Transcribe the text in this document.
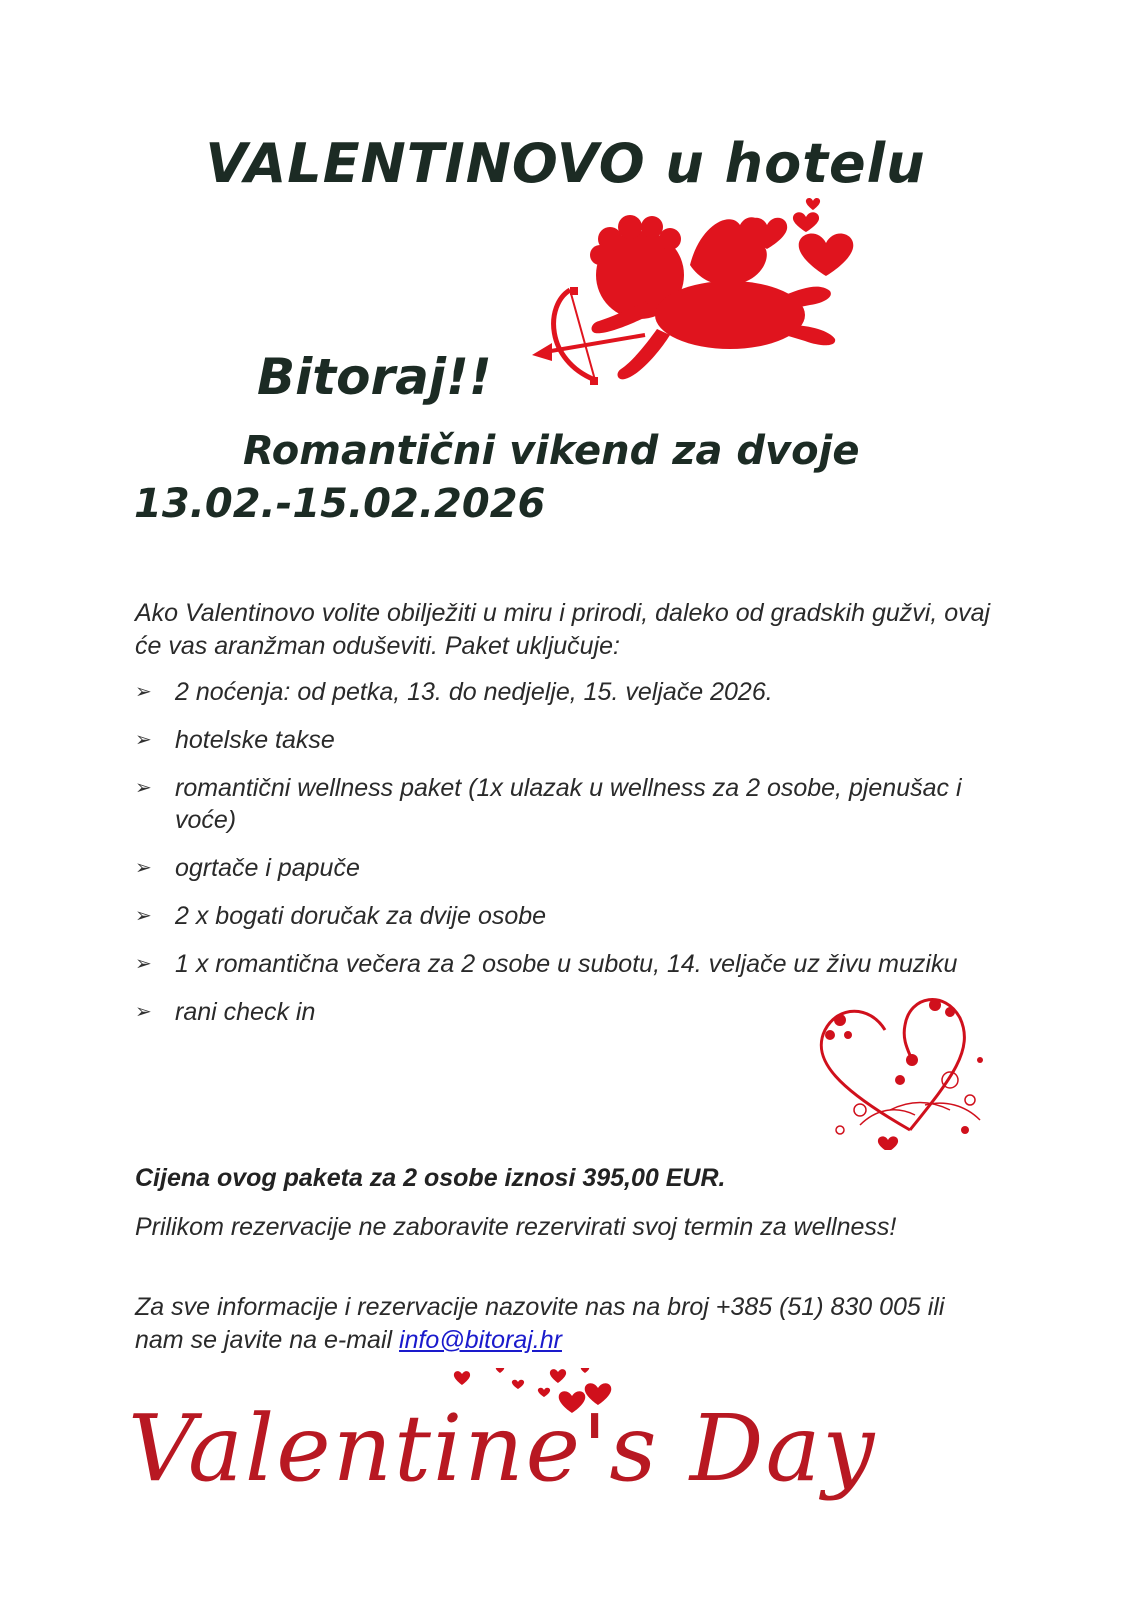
VALENTINOVO u hotelu
Bitoraj!!
Romantični vikend za dvoje
13.02.-15.02.2026
Ako Valentinovo volite obilježiti u miru i prirodi, daleko od gradskih gužvi, ovaj će vas aranžman oduševiti. Paket uključuje:
➢ 2 noćenja: od petka, 13. do nedjelje, 15. veljače 2026.
➢ hotelske takse
➢ romantični wellness paket (1x ulazak u wellness za 2 osobe, pjenušac i voće)
➢ ogrtače i papuče
➢ 2 x bogati doručak za dvije osobe
➢ 1 x romantična večera za 2 osobe u subotu, 14. veljače uz živu muziku
➢ rani check in
Cijena ovog paketa za 2 osobe iznosi 395,00 EUR.
Prilikom rezervacije ne zaboravite rezervirati svoj termin za wellness!
Za sve informacije i rezervacije nazovite nas na broj +385 (51) 830 005 ili nam se javite na e-mail info@bitoraj.hr
Valentine's Day
